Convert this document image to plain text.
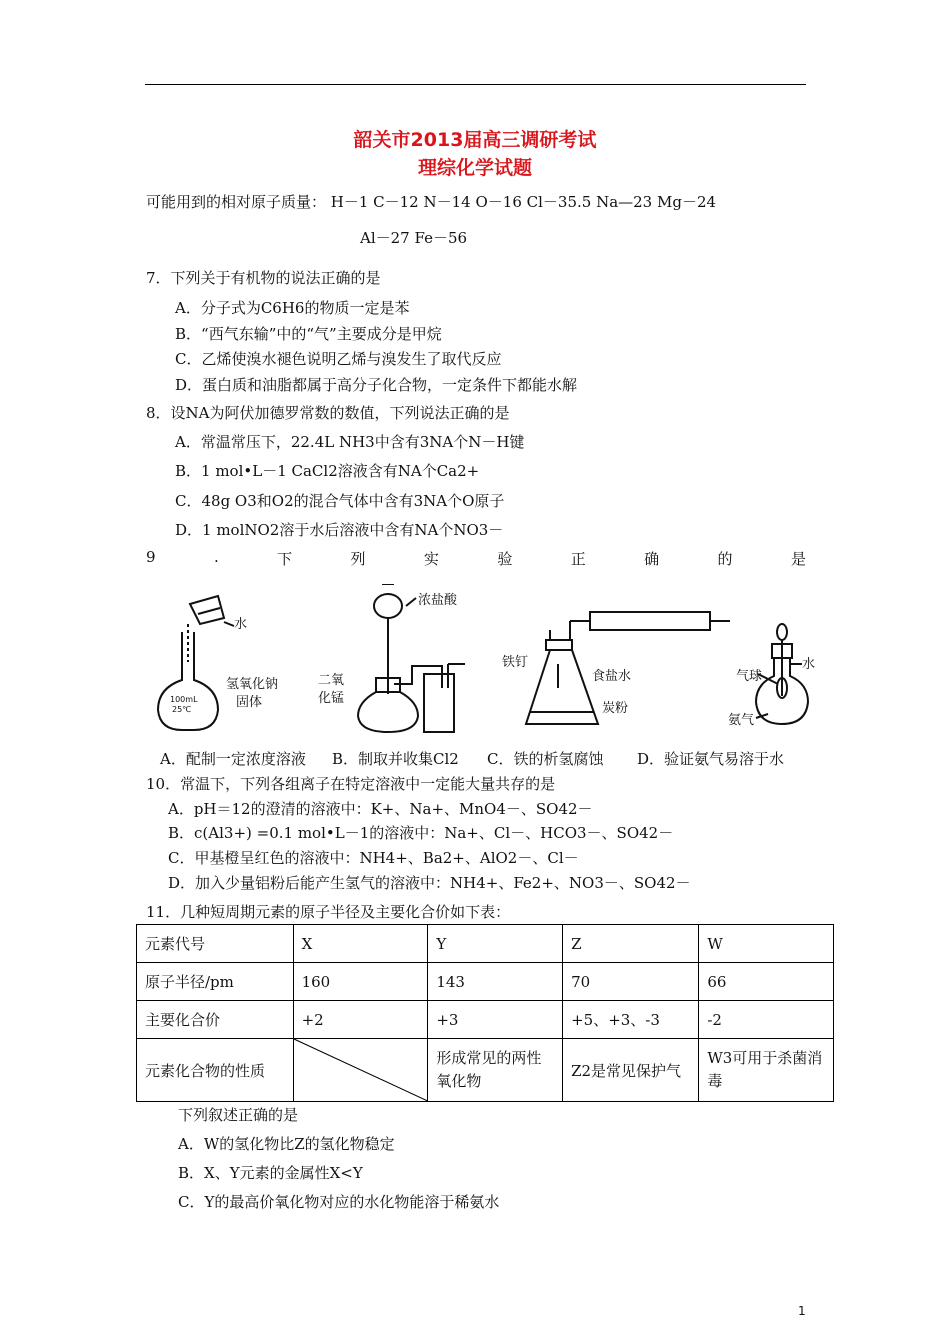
韶关市2013届高三调研考试
理综化学试题
可能用到的相对原子质量： H－1 C－12 N－14 O－16 Cl－35.5 Na—23 Mg－24
Al－27 Fe－56
7．下列关于有机物的说法正确的是
A．分子式为C6H6的物质一定是苯
B．“西气东输”中的“气”主要成分是甲烷
C．乙烯使溴水褪色说明乙烯与溴发生了取代反应
D．蛋白质和油脂都属于高分子化合物，一定条件下都能水解
8．设NA为阿伏加德罗常数的数值，下列说法正确的是
A．常温常压下，22.4L NH3中含有3NA个N－H键
B．1 mol•L－1 CaCl2溶液含有NA个Ca2+
C．48g O3和O2的混合气体中含有3NA个O原子
D．1 molNO2溶于水后溶液中含有NA个NO3－
9	.	下	列	实	验	正	确	的	是
水
氢氧化钠
固体
100mL
25℃
浓盐酸
二氧
化锰
铁钉
食盐水
炭粉
气球
水
氨气
A．配制一定浓度溶液 B．制取并收集Cl2 C．铁的析氢腐蚀 D．验证氨气易溶于水
10．常温下，下列各组离子在特定溶液中一定能大量共存的是
A．pH＝12的澄清的溶液中：K+、Na+、MnO4－、SO42－
B．c(Al3+) =0.1 mol•L－1的溶液中：Na+、Cl－、HCO3－、SO42－
C．甲基橙呈红色的溶液中：NH4+、Ba2+、AlO2－、Cl－
D．加入少量铝粉后能产生氢气的溶液中：NH4+、Fe2+、NO3－、SO42－
11．几种短周期元素的原子半径及主要化合价如下表：
元素代号	X	Y	Z	W
原子半径/pm	160	143	70	66
主要化合价	+2	+3	+5、+3、-3	-2
元素化合物的性质		形成常见的两性氧化物	Z2是常见保护气	W3可用于杀菌消毒
下列叙述正确的是
A．W的氢化物比Z的氢化物稳定
B．X、Y元素的金属性X<Y
C．Y的最高价氧化物对应的水化物能溶于稀氨水
1
